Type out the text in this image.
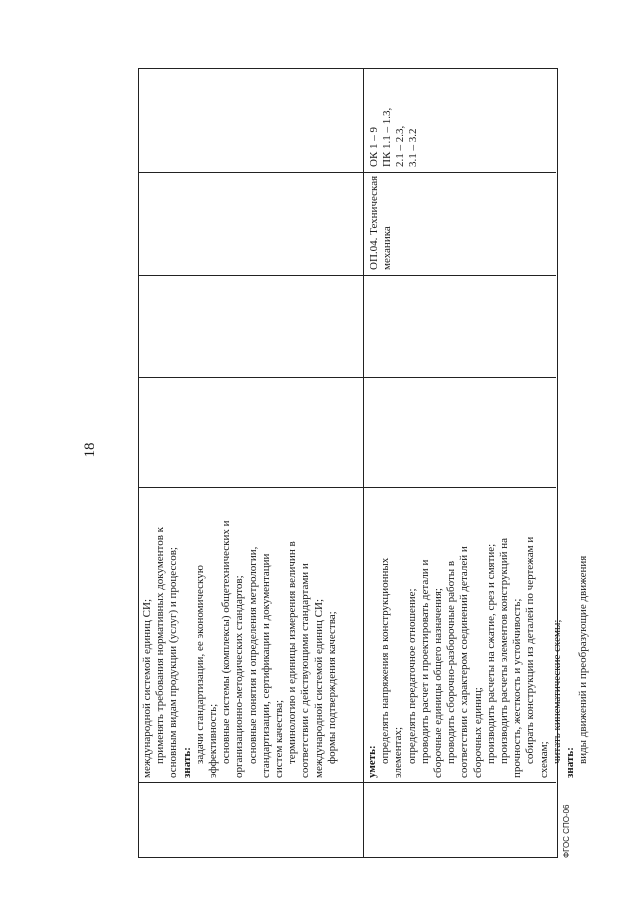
18
международной системой единиц СИ; применять требования нормативных документов к основным видам продукции (услуг) и процессов; знать: задачи стандартизации, ее экономическую эффективность; основные системы (комплексы) общетехнических и организационно-методических стандартов; основные понятия и определения метрологии, стандартизации, сертификации и документации систем качества; терминологию и единицы измерения величин в соответствии с действующими стандартами и международной системой единиц СИ; формы подтверждения качества;	уметь: определять напряжения в конструкционных элементах; определять передаточное отношение; проводить расчет и проектировать детали и сборочные единицы общего назначения; проводить сборочно-разборочные работы в соответствии с характером соединений деталей и сборочных единиц; производить расчеты на сжатие, срез и смятие; производить расчеты элементов конструкций на прочность, жесткость и устойчивость; собирать конструкции из деталей по чертежам и схемам; читать кинематические схемы; знать: виды движений и преобразующие движения
ОП.04. Техническая механика
ОК 1 – 9 ПК 1.1 – 1.3, 2.1 – 2.3, 3.1 – 3.2
ФГОС СПО-06
